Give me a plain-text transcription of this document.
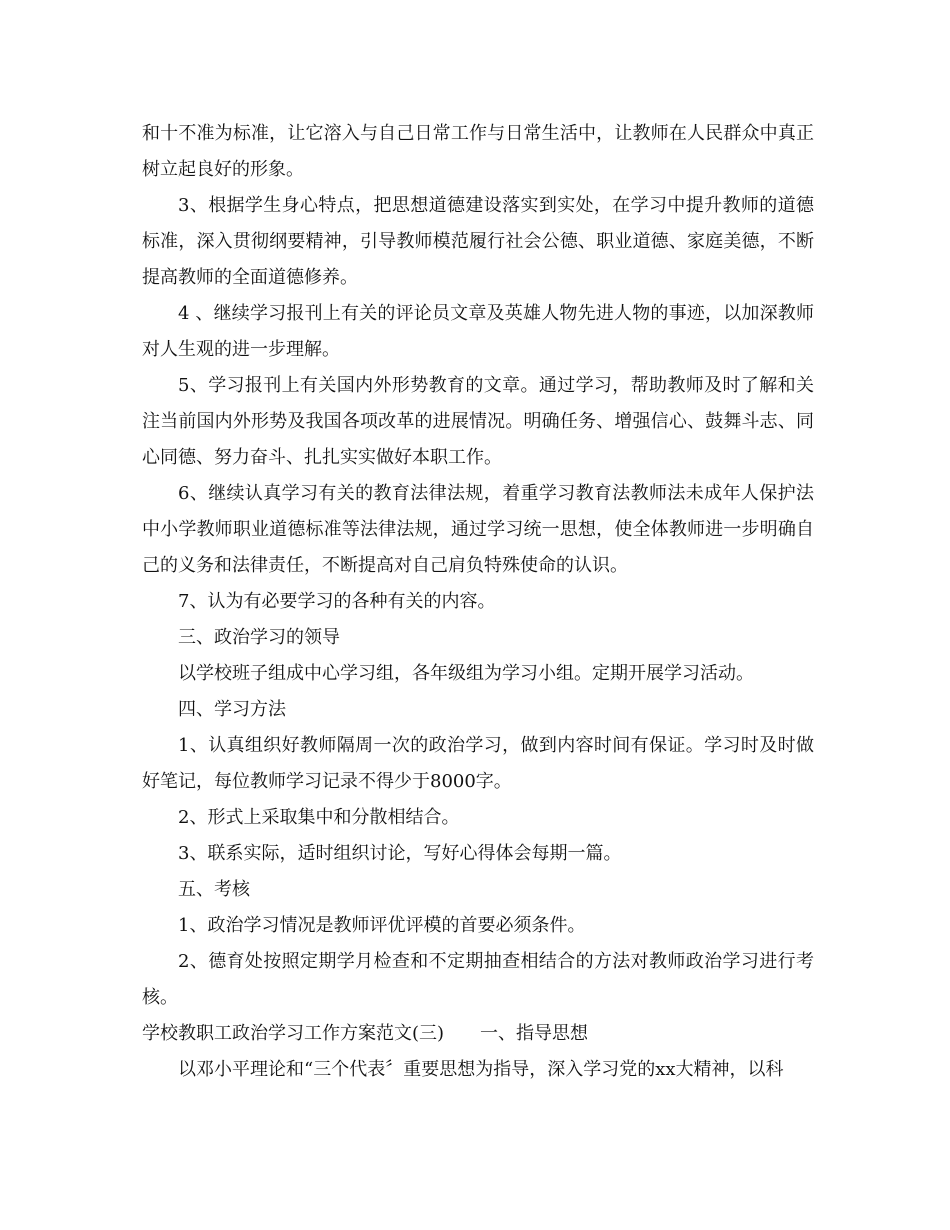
和十不准为标准，让它溶入与自己日常工作与日常生活中，让教师在人民群众中真正树立起良好的形象。

3、根据学生身心特点，把思想道德建设落实到实处，在学习中提升教师的道德标准，深入贯彻纲要精神，引导教师模范履行社会公德、职业道德、家庭美德，不断提高教师的全面道德修养。

4 、继续学习报刊上有关的评论员文章及英雄人物先进人物的事迹，以加深教师对人生观的进一步理解。

5、学习报刊上有关国内外形势教育的文章。通过学习，帮助教师及时了解和关注当前国内外形势及我国各项改革的进展情况。明确任务、增强信心、鼓舞斗志、同心同德、努力奋斗、扎扎实实做好本职工作。

6、继续认真学习有关的教育法律法规，着重学习教育法教师法未成年人保护法中小学教师职业道德标准等法律法规，通过学习统一思想，使全体教师进一步明确自己的义务和法律责任，不断提高对自己肩负特殊使命的认识。

7、认为有必要学习的各种有关的内容。

三、政治学习的领导

以学校班子组成中心学习组，各年级组为学习小组。定期开展学习活动。

四、学习方法

1、认真组织好教师隔周一次的政治学习，做到内容时间有保证。学习时及时做好笔记，每位教师学习记录不得少于8000字。

2、形式上采取集中和分散相结合。

3、联系实际，适时组织讨论，写好心得体会每期一篇。

五、考核

1、政治学习情况是教师评优评模的首要必须条件。

2、德育处按照定期学月检查和不定期抽查相结合的方法对教师政治学习进行考核。

学校教职工政治学习工作方案范文(三) 一、指导思想

以邓小平理论和“三个代表〞重要思想为指导，深入学习党的xx大精神，以科
